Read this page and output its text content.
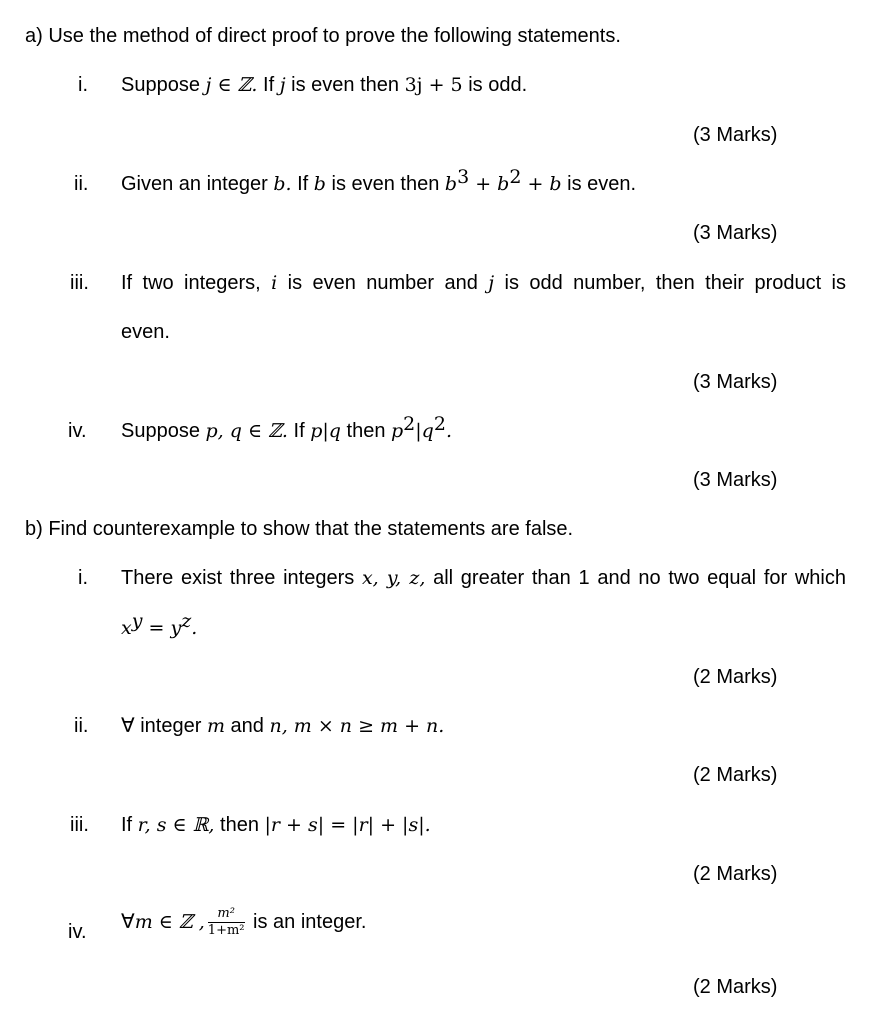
a) Use the method of direct proof to prove the following statements.
i. Suppose j ∈ ℤ. If j is even then 3j + 5 is odd.
(3 Marks)
ii. Given an integer b. If b is even then $b^3 + b^2 + b$ is even.
(3 Marks)
iii. If two integers, i is even number and j is odd number, then their product is
even.
(3 Marks)
iv. Suppose p, q ∈ ℤ. If p|q then $p^2|q^2$.
(3 Marks)
b) Find counterexample to show that the statements are false.
i. There exist three integers x, y, z, all greater than 1 and no two equal for which
$x^y = y^z$.
(2 Marks)
ii. ∀ integer m and n, m × n ≥ m + n.
(2 Marks)
iii. If r, s ∈ ℝ, then |r + s| = |r| + |s|.
(2 Marks)
iv. ∀m ∈ ℤ , $\frac{\text{m²}}{\text{1+m²}}$ is an integer.
(2 Marks)
